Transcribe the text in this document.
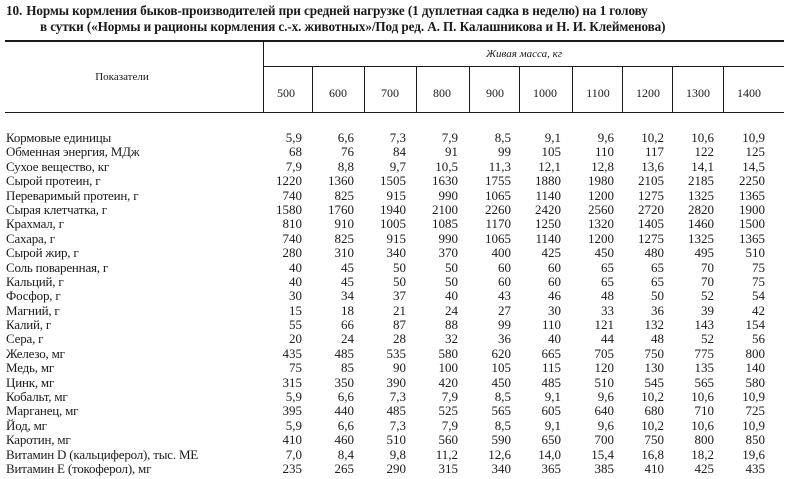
10. Нормы кормления быков-производителей при средней нагрузке (1 дуплетная садка в неделю) на 1 голову
в сутки («Нормы и рационы кормления с.-х. животных»/Под ред. А. П. Калашникова и Н. И. Клейменова)
Показатели
Живая масса, кг
500	600	700	800	900	1000	1100	1200	1300	1400
Кормовые единицы	5,9	6,6	7,3	7,9	8,5	9,1	9,6	10,2	10,6	10,9
Обменная энергия, МДж	68	76	84	91	99	105	110	117	122	125
Сухое вещество, кг	7,9	8,8	9,7	10,5	11,3	12,1	12,8	13,6	14,1	14,5
Сырой протеин, г	1220	1360	1505	1630	1755	1880	1980	2105	2185	2250
Переваримый протеин, г	740	825	915	990	1065	1140	1200	1275	1325	1365
Сырая клетчатка, г	1580	1760	1940	2100	2260	2420	2560	2720	2820	1900
Крахмал, г	810	910	1005	1085	1170	1250	1320	1405	1460	1500
Сахара, г	740	825	915	990	1065	1140	1200	1275	1325	1365
Сырой жир, г	280	310	340	370	400	425	450	480	495	510
Соль поваренная, г	40	45	50	50	60	60	65	65	70	75
Кальций, г	40	45	50	50	60	60	65	65	70	75
Фосфор, г	30	34	37	40	43	46	48	50	52	54
Магний, г	15	18	21	24	27	30	33	36	39	42
Калий, г	55	66	87	88	99	110	121	132	143	154
Сера, г	20	24	28	32	36	40	44	48	52	56
Железо, мг	435	485	535	580	620	665	705	750	775	800
Медь, мг	75	85	90	100	105	115	120	130	135	140
Цинк, мг	315	350	390	420	450	485	510	545	565	580
Кобальт, мг	5,9	6,6	7,3	7,9	8,5	9,1	9,6	10,2	10,6	10,9
Марганец, мг	395	440	485	525	565	605	640	680	710	725
Йод, мг	5,9	6,6	7,3	7,9	8,5	9,1	9,6	10,2	10,6	10,9
Каротин, мг	410	460	510	560	590	650	700	750	800	850
Витамин D (кальциферол), тыс. МЕ	7,0	8,4	9,8	11,2	12,6	14,0	15,4	16,8	18,2	19,6
Витамин Е (токоферол), мг	235	265	290	315	340	365	385	410	425	435
